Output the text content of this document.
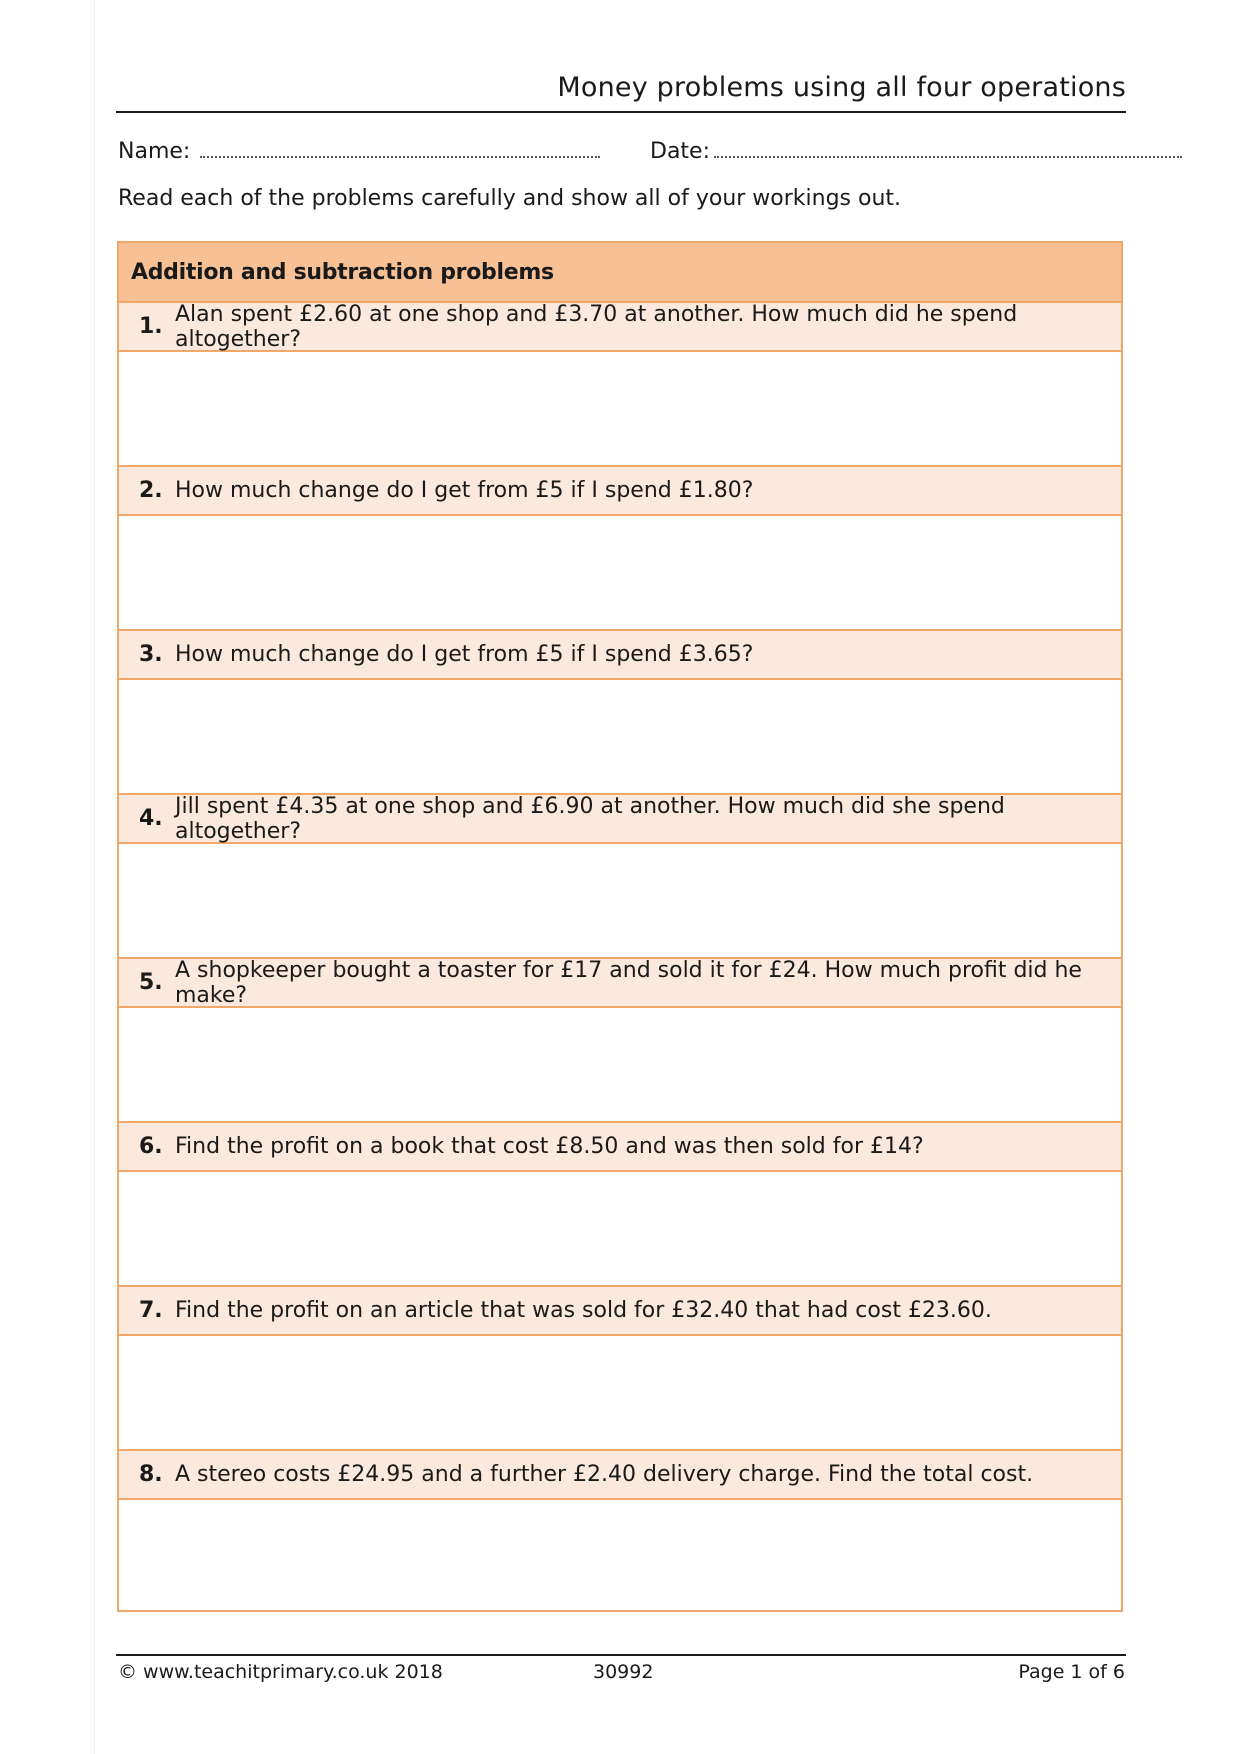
Money problems using all four operations
Name:	Date:
Read each of the problems carefully and show all of your workings out.
Addition and subtraction problems
1. Alan spent £2.60 at one shop and £3.70 at another. How much did he spend altogether?
2. How much change do I get from £5 if I spend £1.80?
3. How much change do I get from £5 if I spend £3.65?
4. Jill spent £4.35 at one shop and £6.90 at another. How much did she spend altogether?
5. A shopkeeper bought a toaster for £17 and sold it for £24. How much profit did he make?
6. Find the profit on a book that cost £8.50 and was then sold for £14?
7. Find the profit on an article that was sold for £32.40 that had cost £23.60.
8. A stereo costs £24.95 and a further £2.40 delivery charge. Find the total cost.
© www.teachitprimary.co.uk 2018	30992	Page 1 of 6
